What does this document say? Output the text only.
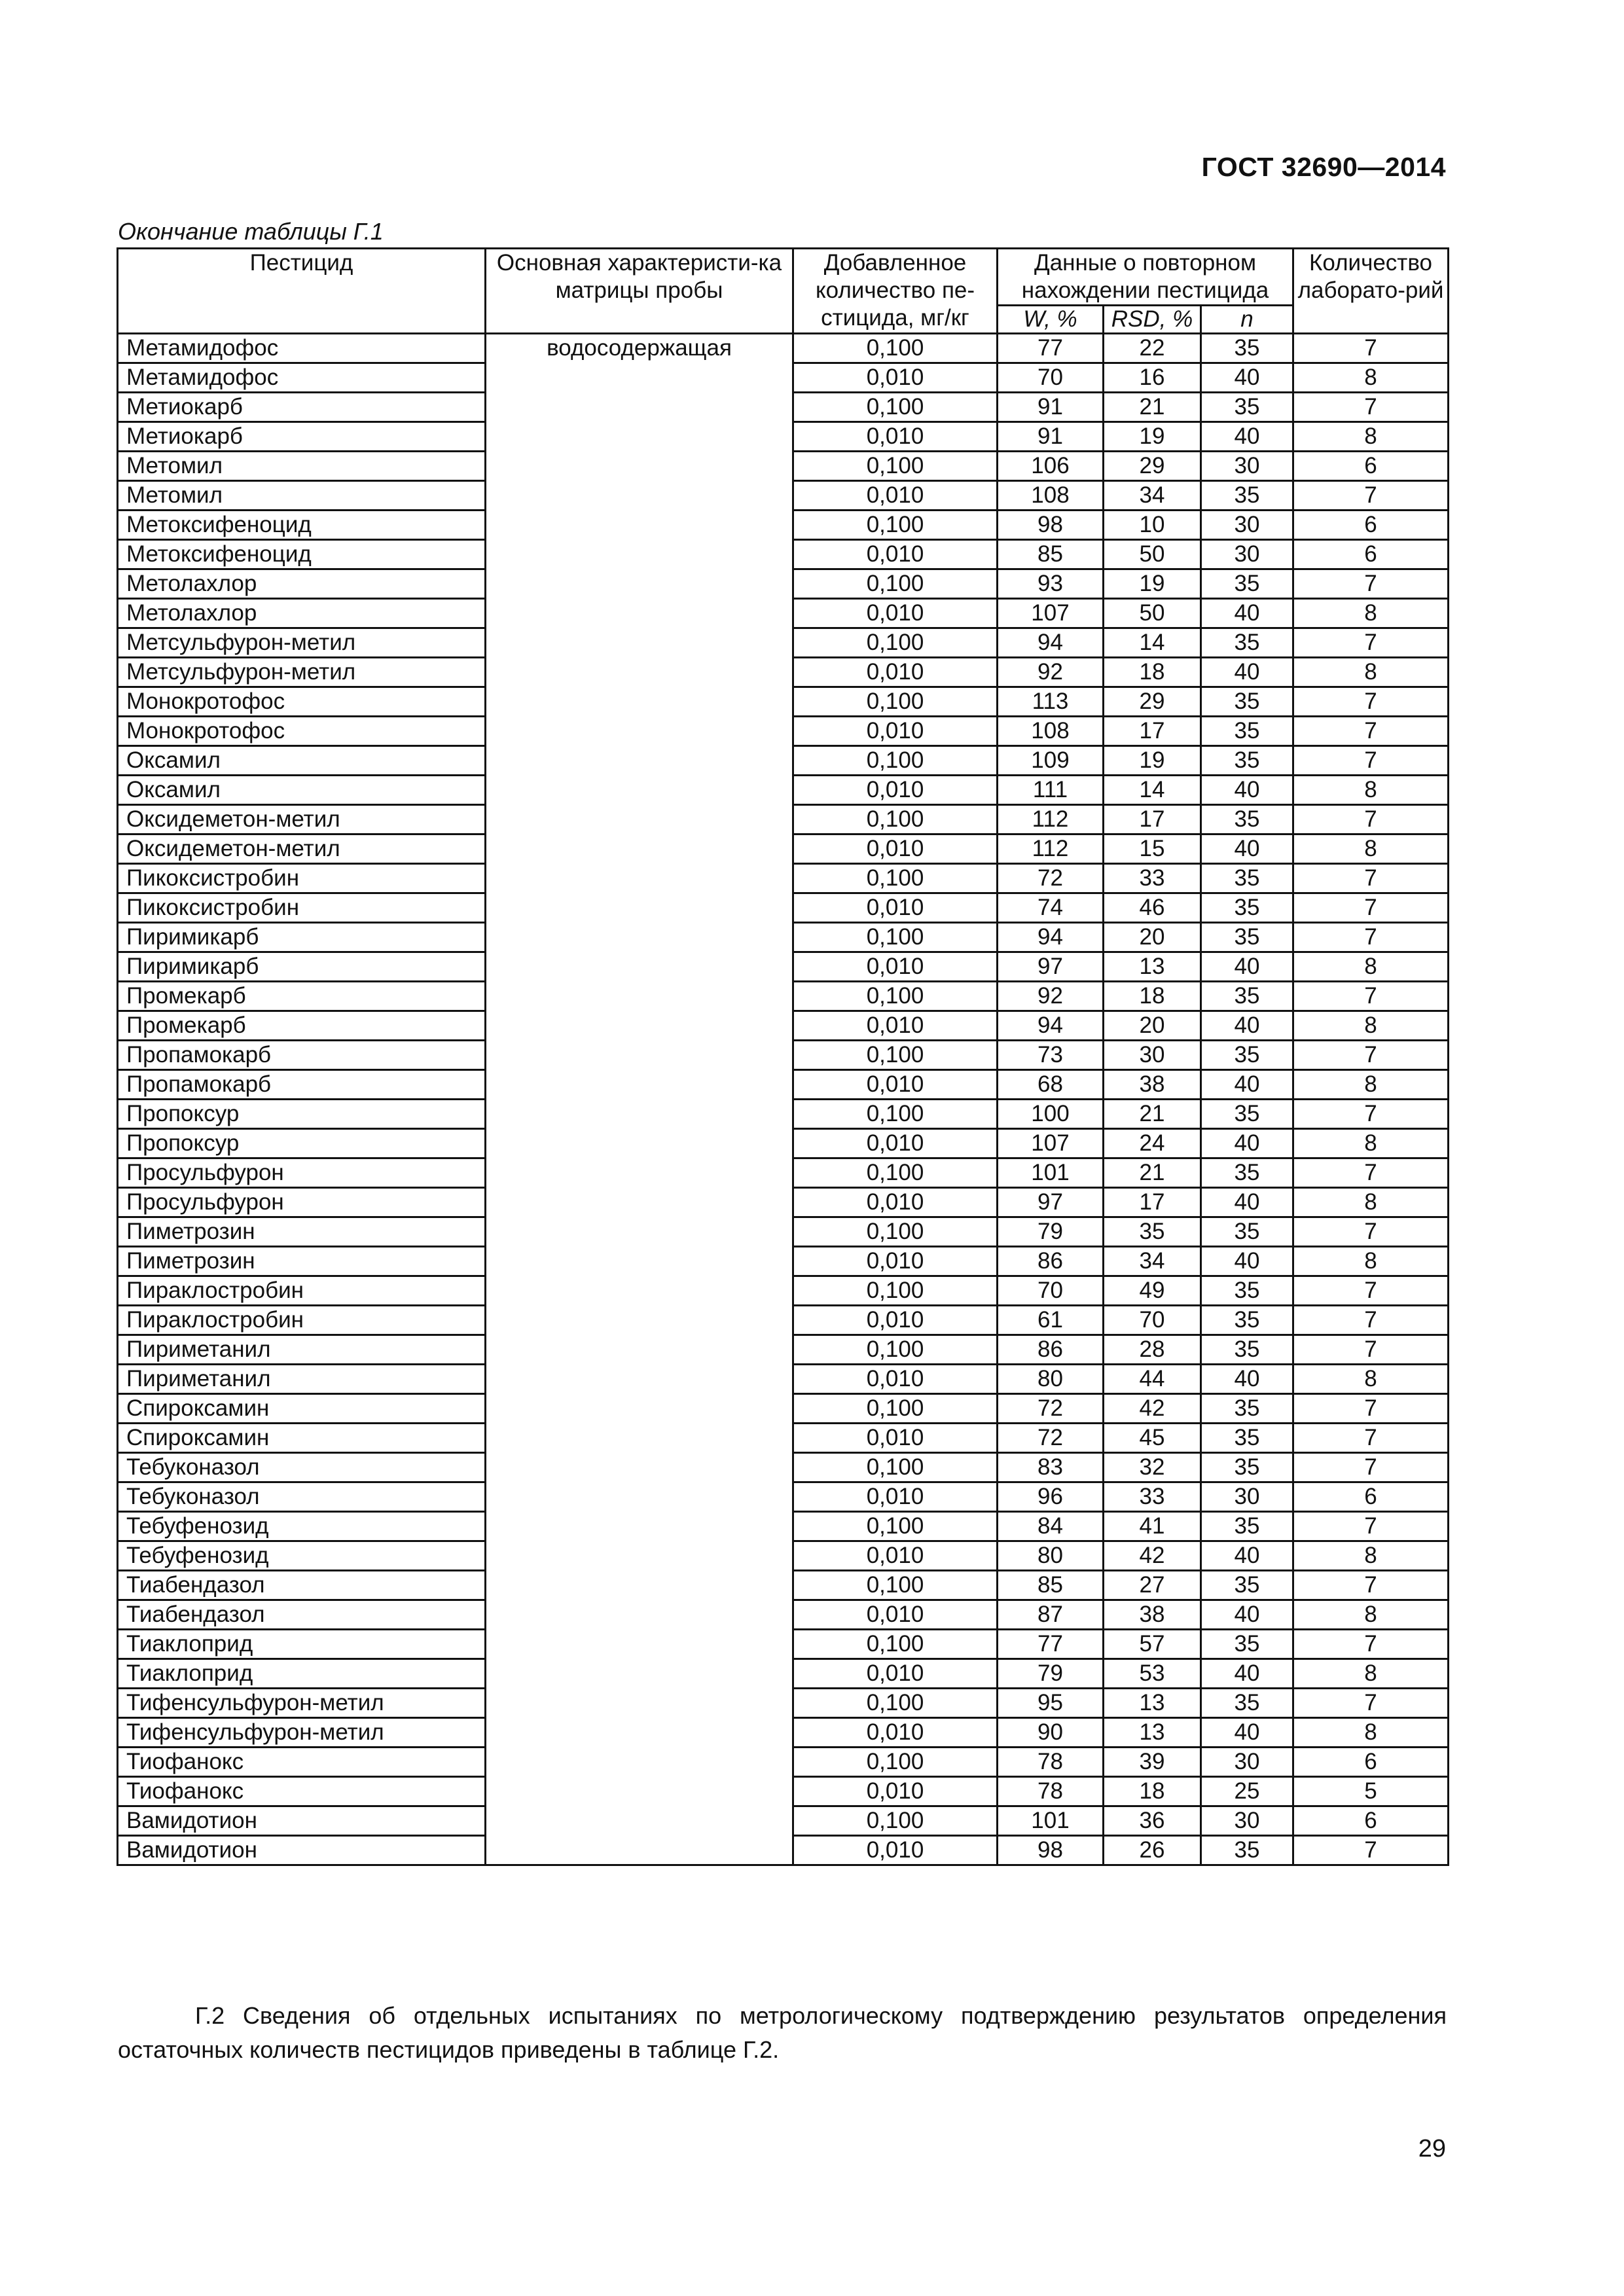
ГОСТ 32690—2014
Окончание таблицы Г.1
Пестицид	Основная характеристи-ка матрицы пробы	Добавленное количество пе-стицида, мг/кг	Данные о повторном нахождении пестицида			Количество лаборато-рий
			W, %	RSD, %	n	
Метамидофос	водосодержащая	0,100	77	22	35	7
Метамидофос		0,010	70	16	40	8
Метиокарб		0,100	91	21	35	7
Метиокарб		0,010	91	19	40	8
Метомил		0,100	106	29	30	6
Метомил		0,010	108	34	35	7
Метоксифеноцид		0,100	98	10	30	6
Метоксифеноцид		0,010	85	50	30	6
Метолахлор		0,100	93	19	35	7
Метолахлор		0,010	107	50	40	8
Метсульфурон-метил		0,100	94	14	35	7
Метсульфурон-метил		0,010	92	18	40	8
Монокротофос		0,100	113	29	35	7
Монокротофос		0,010	108	17	35	7
Оксамил		0,100	109	19	35	7
Оксамил		0,010	111	14	40	8
Оксидеметон-метил		0,100	112	17	35	7
Оксидеметон-метил		0,010	112	15	40	8
Пикоксистробин		0,100	72	33	35	7
Пикоксистробин		0,010	74	46	35	7
Пиримикарб		0,100	94	20	35	7
Пиримикарб		0,010	97	13	40	8
Промекарб		0,100	92	18	35	7
Промекарб		0,010	94	20	40	8
Пропамокарб		0,100	73	30	35	7
Пропамокарб		0,010	68	38	40	8
Пропоксур		0,100	100	21	35	7
Пропоксур		0,010	107	24	40	8
Просульфурон		0,100	101	21	35	7
Просульфурон		0,010	97	17	40	8
Пиметрозин		0,100	79	35	35	7
Пиметрозин		0,010	86	34	40	8
Пираклостробин		0,100	70	49	35	7
Пираклостробин		0,010	61	70	35	7
Пириметанил		0,100	86	28	35	7
Пириметанил		0,010	80	44	40	8
Спироксамин		0,100	72	42	35	7
Спироксамин		0,010	72	45	35	7
Тебуконазол		0,100	83	32	35	7
Тебуконазол		0,010	96	33	30	6
Тебуфенозид		0,100	84	41	35	7
Тебуфенозид		0,010	80	42	40	8
Тиабендазол		0,100	85	27	35	7
Тиабендазол		0,010	87	38	40	8
Тиаклоприд		0,100	77	57	35	7
Тиаклоприд		0,010	79	53	40	8
Тифенсульфурон-метил		0,100	95	13	35	7
Тифенсульфурон-метил		0,010	90	13	40	8
Тиофанокс		0,100	78	39	30	6
Тиофанокс		0,010	78	18	25	5
Вамидотион		0,100	101	36	30	6
Вамидотион		0,010	98	26	35	7
Г.2 Сведения об отдельных испытаниях по метрологическому подтверждению результатов определения остаточных количеств пестицидов приведены в таблице Г.2.
29
